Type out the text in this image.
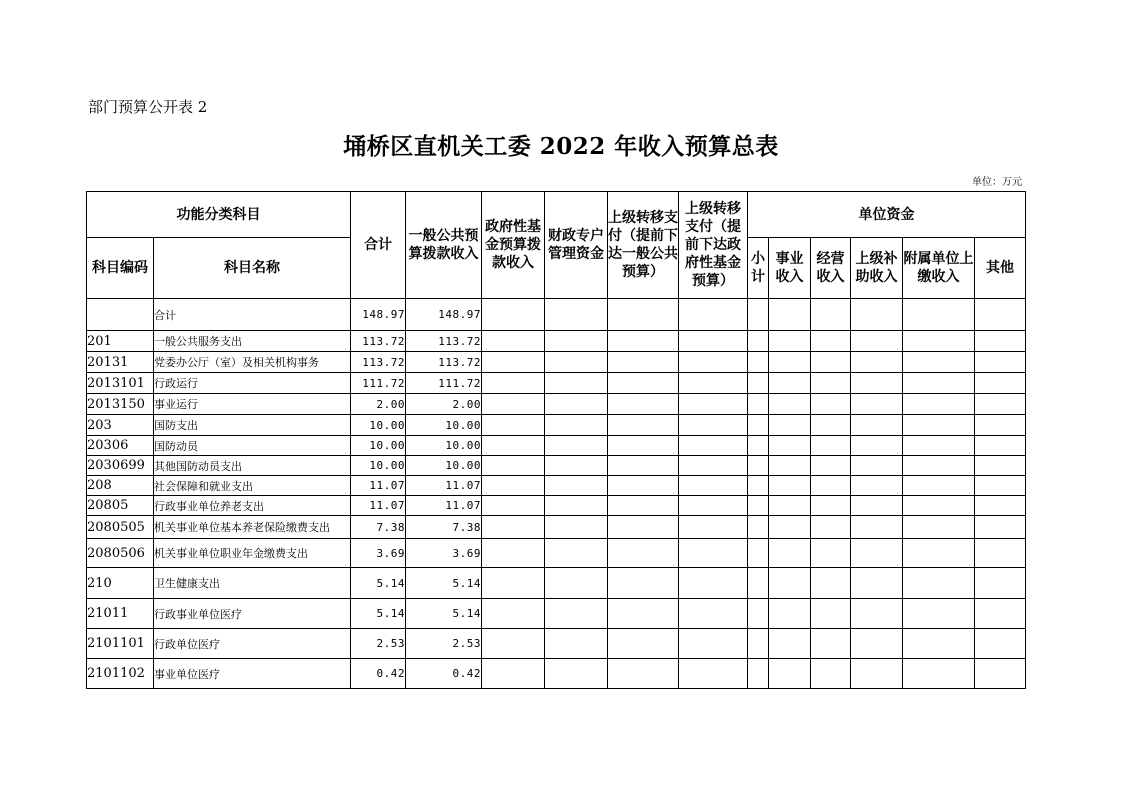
部门预算公开表 2
埇桥区直机关工委 2022 年收入预算总表
单位：万元
功能分类科目		合计	一般公共预算拨款收入	政府性基金预算拨款收入	财政专户管理资金	上级转移支付（提前下达一般公共预算）	上级转移支付（提前下达政府性基金预算）	单位资金					
科目编码	科目名称							小计	事业收入	经营收入	上级补助收入	附属单位上缴收入	其他
	合计	148.97	148.97										
201	一般公共服务支出	113.72	113.72										
20131	党委办公厅（室）及相关机构事务	113.72	113.72										
2013101	行政运行	111.72	111.72										
2013150	事业运行	2.00	2.00										
203	国防支出	10.00	10.00										
20306	国防动员	10.00	10.00										
2030699	其他国防动员支出	10.00	10.00										
208	社会保障和就业支出	11.07	11.07										
20805	行政事业单位养老支出	11.07	11.07										
2080505	机关事业单位基本养老保险缴费支出	7.38	7.38										
2080506	机关事业单位职业年金缴费支出	3.69	3.69										
210	卫生健康支出	5.14	5.14										
21011	行政事业单位医疗	5.14	5.14										
2101101	行政单位医疗	2.53	2.53										
2101102	事业单位医疗	0.42	0.42										
